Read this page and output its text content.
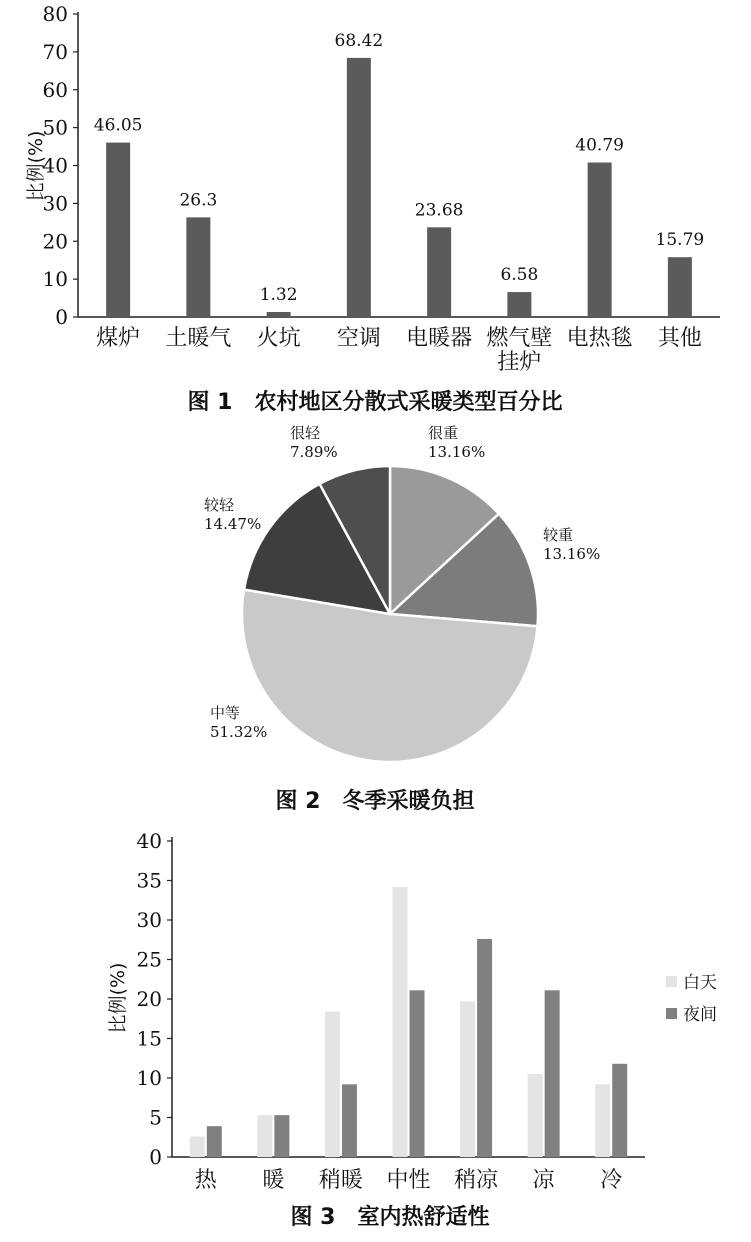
比例(%)
0
10
20
30
40
50
60
70
80
46.05
煤炉
26.3
土暖气
1.32
火坑
68.42
空调
23.68
电暖器
6.58
燃气壁
挂炉
40.79
电热毯
15.79
其他
图 1　农村地区分散式采暖类型百分比
很重
13.16%
较重
13.16%
中等
51.32%
较轻
14.47%
很轻
7.89%
图 2　冬季采暖负担
比例(%)
0
5
10
15
20
25
30
35
40
热 暖 稍暖 中性 稍凉 凉 冷
白天
夜间
图 3　室内热舒适性
